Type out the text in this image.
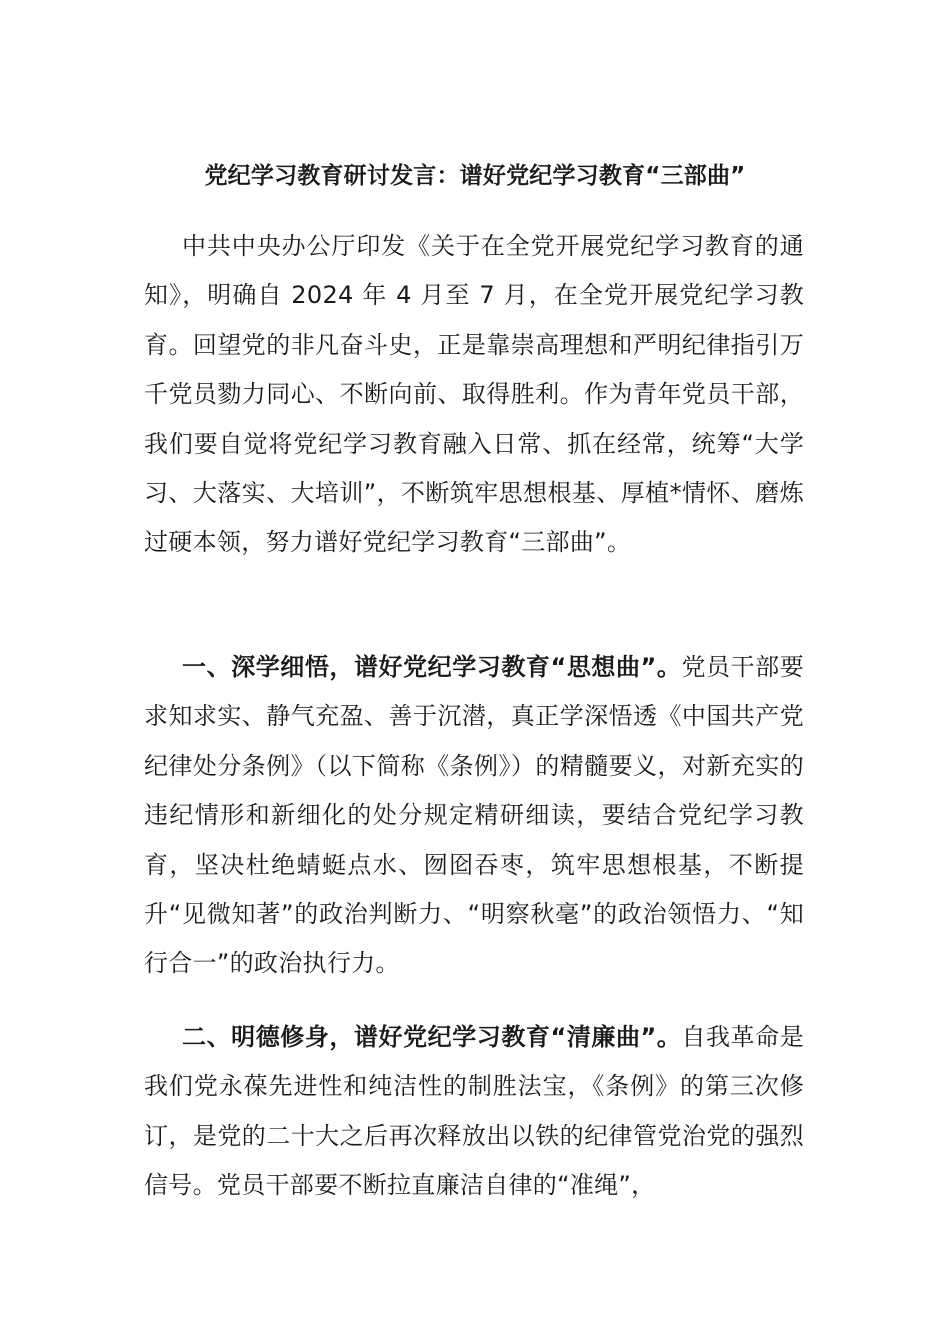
党纪学习教育研讨发言：谱好党纪学习教育“三部曲”

中共中央办公厅印发《关于在全党开展党纪学习教育的通知》，明确自 2024 年 4 月至 7 月，在全党开展党纪学习教育。回望党的非凡奋斗史，正是靠崇高理想和严明纪律指引万千党员勠力同心、不断向前、取得胜利。作为青年党员干部，我们要自觉将党纪学习教育融入日常、抓在经常，统筹“大学习、大落实、大培训”，不断筑牢思想根基、厚植*情怀、磨炼过硬本领，努力谱好党纪学习教育“三部曲”。

一、深学细悟，谱好党纪学习教育“思想曲”。党员干部要求知求实、静气充盈、善于沉潜，真正学深悟透《中国共产党纪律处分条例》（以下简称《条例》）的精髓要义，对新充实的违纪情形和新细化的处分规定精研细读，要结合党纪学习教育，坚决杜绝蜻蜓点水、囫囵吞枣，筑牢思想根基，不断提升“见微知著”的政治判断力、“明察秋毫”的政治领悟力、“知行合一”的政治执行力。

二、明德修身，谱好党纪学习教育“清廉曲”。自我革命是我们党永葆先进性和纯洁性的制胜法宝，《条例》的第三次修订，是党的二十大之后再次释放出以铁的纪律管党治党的强烈信号。党员干部要不断拉直廉洁自律的“准绳”，
